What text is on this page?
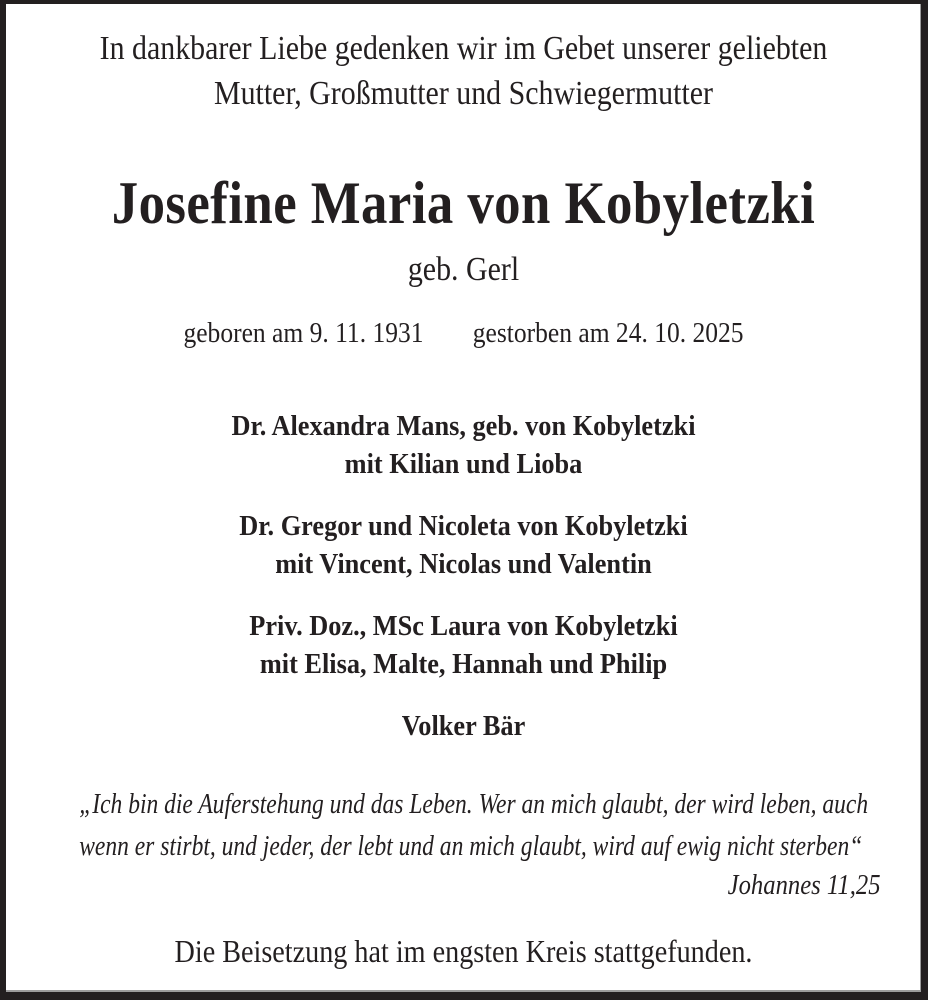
In dankbarer Liebe gedenken wir im Gebet unserer geliebten
Mutter, Großmutter und Schwiegermutter
Josefine Maria von Kobyletzki
geb. Gerl
geboren am 9. 11. 1931 gestorben am 24. 10. 2025
Dr. Alexandra Mans, geb. von Kobyletzki
mit Kilian und Lioba
Dr. Gregor und Nicoleta von Kobyletzki
mit Vincent, Nicolas und Valentin
Priv. Doz., MSc Laura von Kobyletzki
mit Elisa, Malte, Hannah und Philip
Volker Bär
„Ich bin die Auferstehung und das Leben. Wer an mich glaubt, der wird leben, auch
wenn er stirbt, und jeder, der lebt und an mich glaubt, wird auf ewig nicht sterben“
Johannes 11,25
Die Beisetzung hat im engsten Kreis stattgefunden.
